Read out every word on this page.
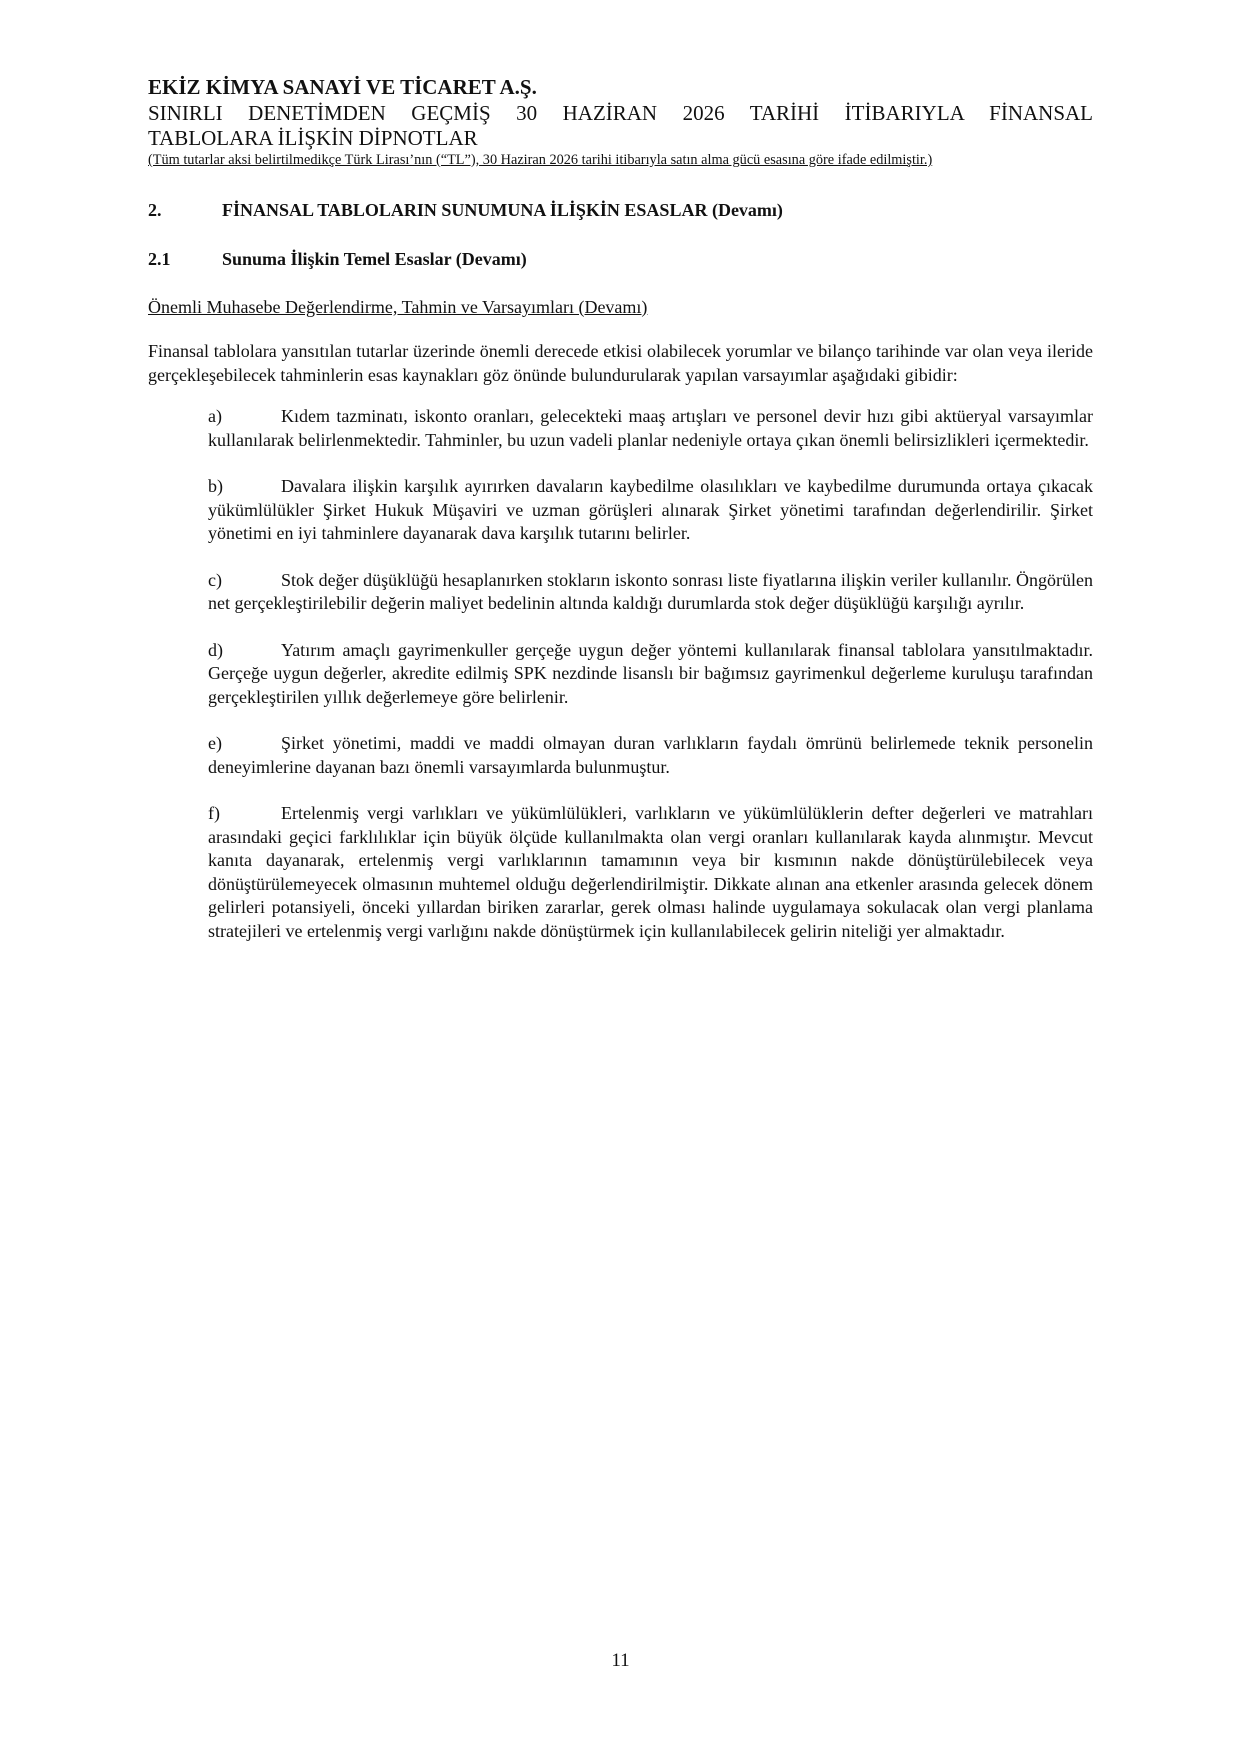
EKİZ KİMYA SANAYİ VE TİCARET A.Ş.
SINIRLI DENETİMDEN GEÇMİŞ 30 HAZİRAN 2026 TARİHİ İTİBARIYLA FİNANSAL
TABLOLARA İLİŞKİN DİPNOTLAR
(Tüm tutarlar aksi belirtilmedikçe Türk Lirası’nın (“TL”), 30 Haziran 2026 tarihi itibarıyla satın alma gücü esasına göre ifade edilmiştir.)
2.	FİNANSAL TABLOLARIN SUNUMUNA İLİŞKİN ESASLAR (Devamı)
2.1	Sunuma İlişkin Temel Esaslar (Devamı)
Önemli Muhasebe Değerlendirme, Tahmin ve Varsayımları (Devamı)

Finansal tablolara yansıtılan tutarlar üzerinde önemli derecede etkisi olabilecek yorumlar ve bilanço tarihinde var olan veya ileride gerçekleşebilecek tahminlerin esas kaynakları göz önünde bulundurularak yapılan varsayımlar aşağıdaki gibidir:

a)	Kıdem tazminatı, iskonto oranları, gelecekteki maaş artışları ve personel devir hızı gibi aktüeryal varsayımlar kullanılarak belirlenmektedir. Tahminler, bu uzun vadeli planlar nedeniyle ortaya çıkan önemli belirsizlikleri içermektedir.
b)	Davalara ilişkin karşılık ayırırken davaların kaybedilme olasılıkları ve kaybedilme durumunda ortaya çıkacak yükümlülükler Şirket Hukuk Müşaviri ve uzman görüşleri alınarak Şirket yönetimi tarafından değerlendirilir. Şirket yönetimi en iyi tahminlere dayanarak dava karşılık tutarını belirler.
c)	Stok değer düşüklüğü hesaplanırken stokların iskonto sonrası liste fiyatlarına ilişkin veriler kullanılır. Öngörülen net gerçekleştirilebilir değerin maliyet bedelinin altında kaldığı durumlarda stok değer düşüklüğü karşılığı ayrılır.
d)	Yatırım amaçlı gayrimenkuller gerçeğe uygun değer yöntemi kullanılarak finansal tablolara yansıtılmaktadır. Gerçeğe uygun değerler, akredite edilmiş SPK nezdinde lisanslı bir bağımsız gayrimenkul değerleme kuruluşu tarafından gerçekleştirilen yıllık değerlemeye göre belirlenir.
e)	Şirket yönetimi, maddi ve maddi olmayan duran varlıkların faydalı ömrünü belirlemede teknik personelin deneyimlerine dayanan bazı önemli varsayımlarda bulunmuştur.
f)	Ertelenmiş vergi varlıkları ve yükümlülükleri, varlıkların ve yükümlülüklerin defter değerleri ve matrahları arasındaki geçici farklılıklar için büyük ölçüde kullanılmakta olan vergi oranları kullanılarak kayda alınmıştır. Mevcut kanıta dayanarak, ertelenmiş vergi varlıklarının tamamının veya bir kısmının nakde dönüştürülebilecek veya dönüştürülemeyecek olmasının muhtemel olduğu değerlendirilmiştir. Dikkate alınan ana etkenler arasında gelecek dönem gelirleri potansiyeli, önceki yıllardan biriken zararlar, gerek olması halinde uygulamaya sokulacak olan vergi planlama stratejileri ve ertelenmiş vergi varlığını nakde dönüştürmek için kullanılabilecek gelirin niteliği yer almaktadır.
11
